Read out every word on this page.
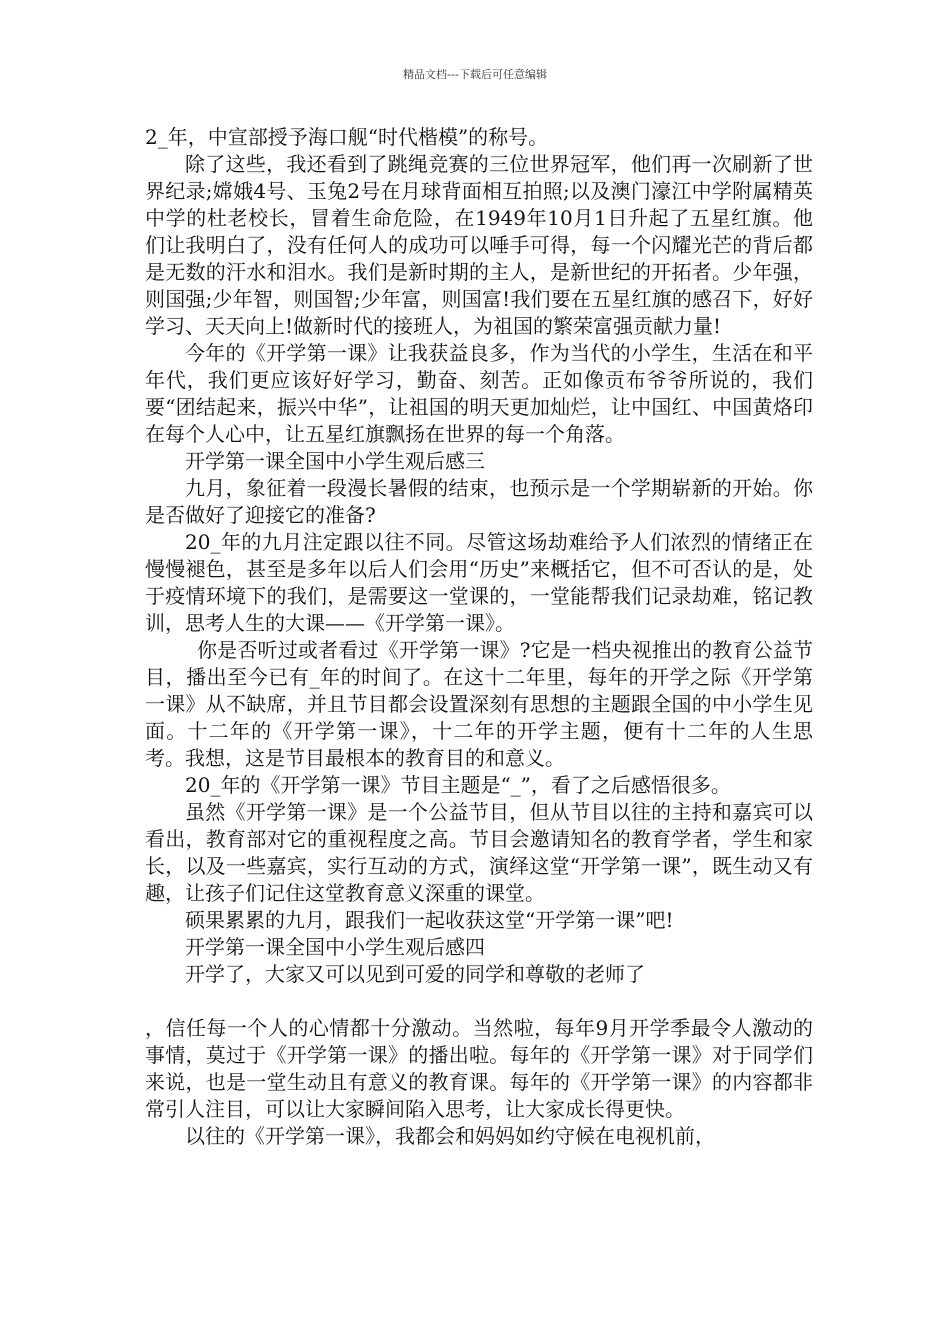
精品文档---下载后可任意编辑

2_年，中宣部授予海口舰“时代楷模”的称号。

除了这些，我还看到了跳绳竞赛的三位世界冠军，他们再一次刷新了世界纪录;嫦娥4号、玉兔2号在月球背面相互拍照;以及澳门濠江中学附属精英中学的杜老校长，冒着生命危险，在1949年10月1日升起了五星红旗。他们让我明白了，没有任何人的成功可以唾手可得，每一个闪耀光芒的背后都是无数的汗水和泪水。我们是新时期的主人，是新世纪的开拓者。少年强，则国强;少年智，则国智;少年富，则国富!我们要在五星红旗的感召下，好好学习、天天向上!做新时代的接班人，为祖国的繁荣富强贡献力量!

今年的《开学第一课》让我获益良多，作为当代的小学生，生活在和平年代，我们更应该好好学习，勤奋、刻苦。正如像贡布爷爷所说的，我们要“团结起来，振兴中华”，让祖国的明天更加灿烂，让中国红、中国黄烙印在每个人心中，让五星红旗飘扬在世界的每一个角落。

开学第一课全国中小学生观后感三

九月，象征着一段漫长暑假的结束，也预示是一个学期崭新的开始。你是否做好了迎接它的准备?

20_年的九月注定跟以往不同。尽管这场劫难给予人们浓烈的情绪正在慢慢褪色，甚至是多年以后人们会用“历史”来概括它，但不可否认的是，处于疫情环境下的我们，是需要这一堂课的，一堂能帮我们记录劫难，铭记教训，思考人生的大课——《开学第一课》。

你是否听过或者看过《开学第一课》?它是一档央视推出的教育公益节目，播出至今已有_年的时间了。在这十二年里，每年的开学之际《开学第一课》从不缺席，并且节目都会设置深刻有思想的主题跟全国的中小学生见面。十二年的《开学第一课》，十二年的开学主题，便有十二年的人生思考。我想，这是节目最根本的教育目的和意义。

20_年的《开学第一课》节目主题是“_”，看了之后感悟很多。

虽然《开学第一课》是一个公益节目，但从节目以往的主持和嘉宾可以看出，教育部对它的重视程度之高。节目会邀请知名的教育学者，学生和家长，以及一些嘉宾，实行互动的方式，演绎这堂“开学第一课”，既生动又有趣，让孩子们记住这堂教育意义深重的课堂。

硕果累累的九月，跟我们一起收获这堂“开学第一课”吧!

开学第一课全国中小学生观后感四

开学了，大家又可以见到可爱的同学和尊敬的老师了

，信任每一个人的心情都十分激动。当然啦，每年9月开学季最令人激动的事情，莫过于《开学第一课》的播出啦。每年的《开学第一课》对于同学们来说，也是一堂生动且有意义的教育课。每年的《开学第一课》的内容都非常引人注目，可以让大家瞬间陷入思考，让大家成长得更快。

以往的《开学第一课》，我都会和妈妈如约守候在电视机前，
